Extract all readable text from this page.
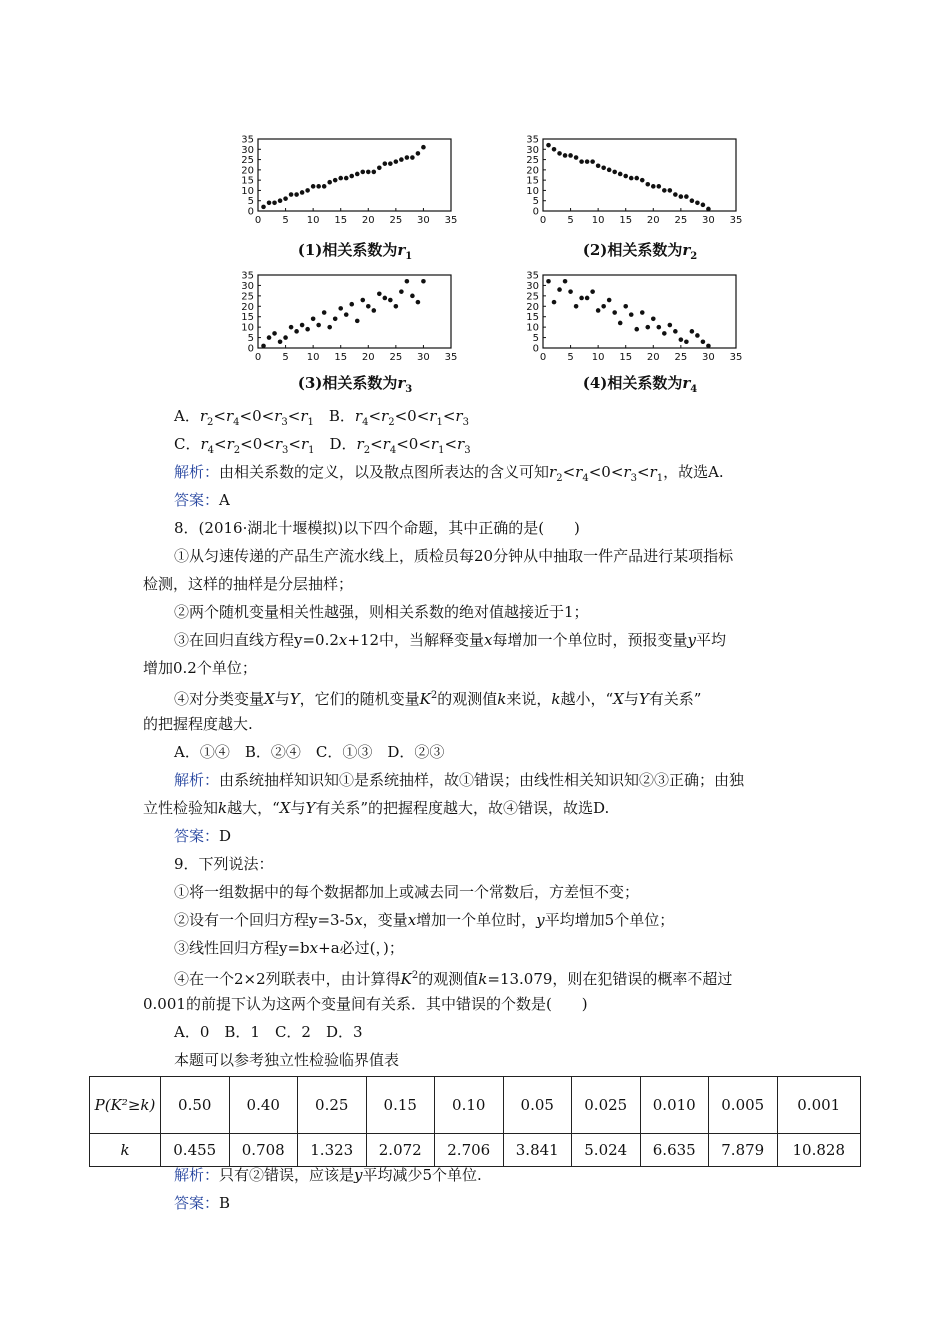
0 5 10 15 20 25 30 35
0
5
10
15
20
25
30
35
(1)相关系数为$r_1$
0 5 10 15 20 25 30 35
0
5
10
15
20
25
30
35
(2)相关系数为$r_2$
0 5 10 15 20 25 30 35
0
5
10
15
20
25
30
35
(3)相关系数为$r_3$
0 5 10 15 20 25 30 35
0
5
10
15
20
25
30
35
(4)相关系数为$r_4$
A．$r_2<r_4<0<r_3<r_1$　B．$r_4<r_2<0<r_1<r_3$
C．$r_4<r_2<0<r_3<r_1$　D．$r_2<r_4<0<r_1<r_3$
解析：由相关系数的定义，以及散点图所表达的含义可知$r_2<r_4<0<r_3<r_1$，故选A.
答案：A
8．(2016·湖北十堰模拟)以下四个命题，其中正确的是(　　)
①从匀速传递的产品生产流水线上，质检员每20分钟从中抽取一件产品进行某项指标
检测，这样的抽样是分层抽样；
②两个随机变量相关性越强，则相关系数的绝对值越接近于1；
③在回归直线方程y=0.2x+12中，当解释变量x每增加一个单位时，预报变量y平均
增加0.2个单位；
④对分类变量X与Y，它们的随机变量$K^2$的观测值k来说，k越小，“X与Y有关系”
的把握程度越大.
A．①④　B．②④　C．①③　D．②③
解析：由系统抽样知识知①是系统抽样，故①错误；由线性相关知识知②③正确；由独
立性检验知k越大，“X与Y有关系”的把握程度越大，故④错误，故选D.
答案：D
9．下列说法：
①将一组数据中的每个数据都加上或减去同一个常数后，方差恒不变；
②设有一个回归方程y=3-5x，变量x增加一个单位时，y平均增加5个单位；
③线性回归方程y=bx+a必过(，)；
④在一个2×2列联表中，由计算得$K^2$的观测值k=13.079，则在犯错误的概率不超过
0.001的前提下认为这两个变量间有关系．其中错误的个数是(　　)
A．0　B．1　C．2　D．3
本题可以参考独立性检验临界值表
解析：只有②错误，应该是y平均减少5个单位.
答案：B
P(K²≥k)	0.50	0.40	0.25	0.15	0.10	0.05	0.025	0.010	0.005	0.001
k	0.455	0.708	1.323	2.072	2.706	3.841	5.024	6.635	7.879	10.828
